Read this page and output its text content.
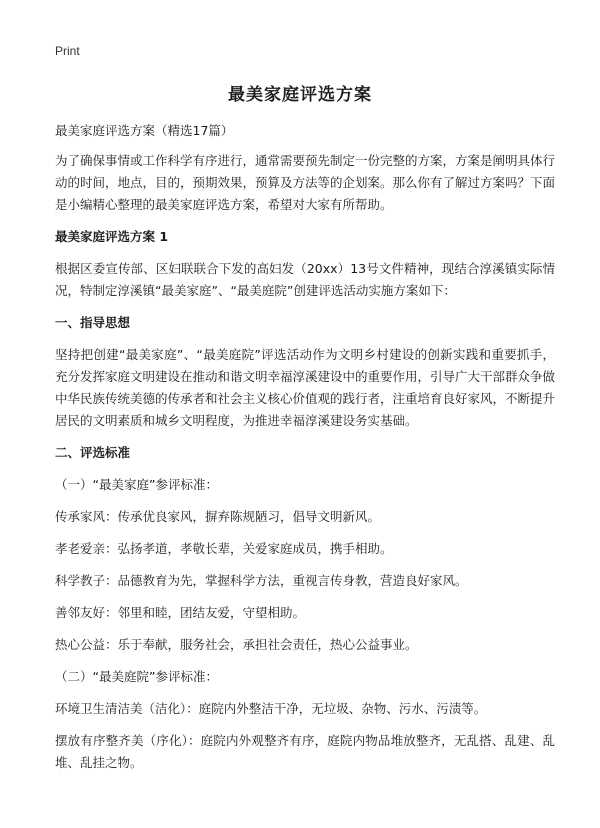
Print
最美家庭评选方案

最美家庭评选方案（精选17篇）

为了确保事情或工作科学有序进行，通常需要预先制定一份完整的方案，方案是阐明具体行动的时间，地点，目的，预期效果，预算及方法等的企划案。那么你有了解过方案吗？下面是小编精心整理的最美家庭评选方案，希望对大家有所帮助。

最美家庭评选方案 1

根据区委宣传部、区妇联联合下发的高妇发（20xx）13号文件精神，现结合淳溪镇实际情况，特制定淳溪镇“最美家庭”、“最美庭院”创建评选活动实施方案如下：

一、指导思想

坚持把创建“最美家庭”、“最美庭院”评选活动作为文明乡村建设的创新实践和重要抓手，充分发挥家庭文明建设在推动和谐文明幸福淳溪建设中的重要作用，引导广大干部群众争做中华民族传统美德的传承者和社会主义核心价值观的践行者，注重培育良好家风，不断提升居民的文明素质和城乡文明程度，为推进幸福淳溪建设务实基础。

二、评选标准

（一）“最美家庭”参评标准：

传承家风：传承优良家风，摒弃陈规陋习，倡导文明新风。

孝老爱亲：弘扬孝道，孝敬长辈，关爱家庭成员，携手相助。

科学教子：品德教育为先，掌握科学方法，重视言传身教，营造良好家风。

善邻友好：邻里和睦，团结友爱，守望相助。

热心公益：乐于奉献，服务社会，承担社会责任，热心公益事业。

（二）“最美庭院”参评标准：

环境卫生清洁美（洁化）：庭院内外整洁干净，无垃圾、杂物、污水、污渍等。

摆放有序整齐美（序化）：庭院内外观整齐有序，庭院内物品堆放整齐，无乱搭、乱建、乱堆、乱挂之物。
